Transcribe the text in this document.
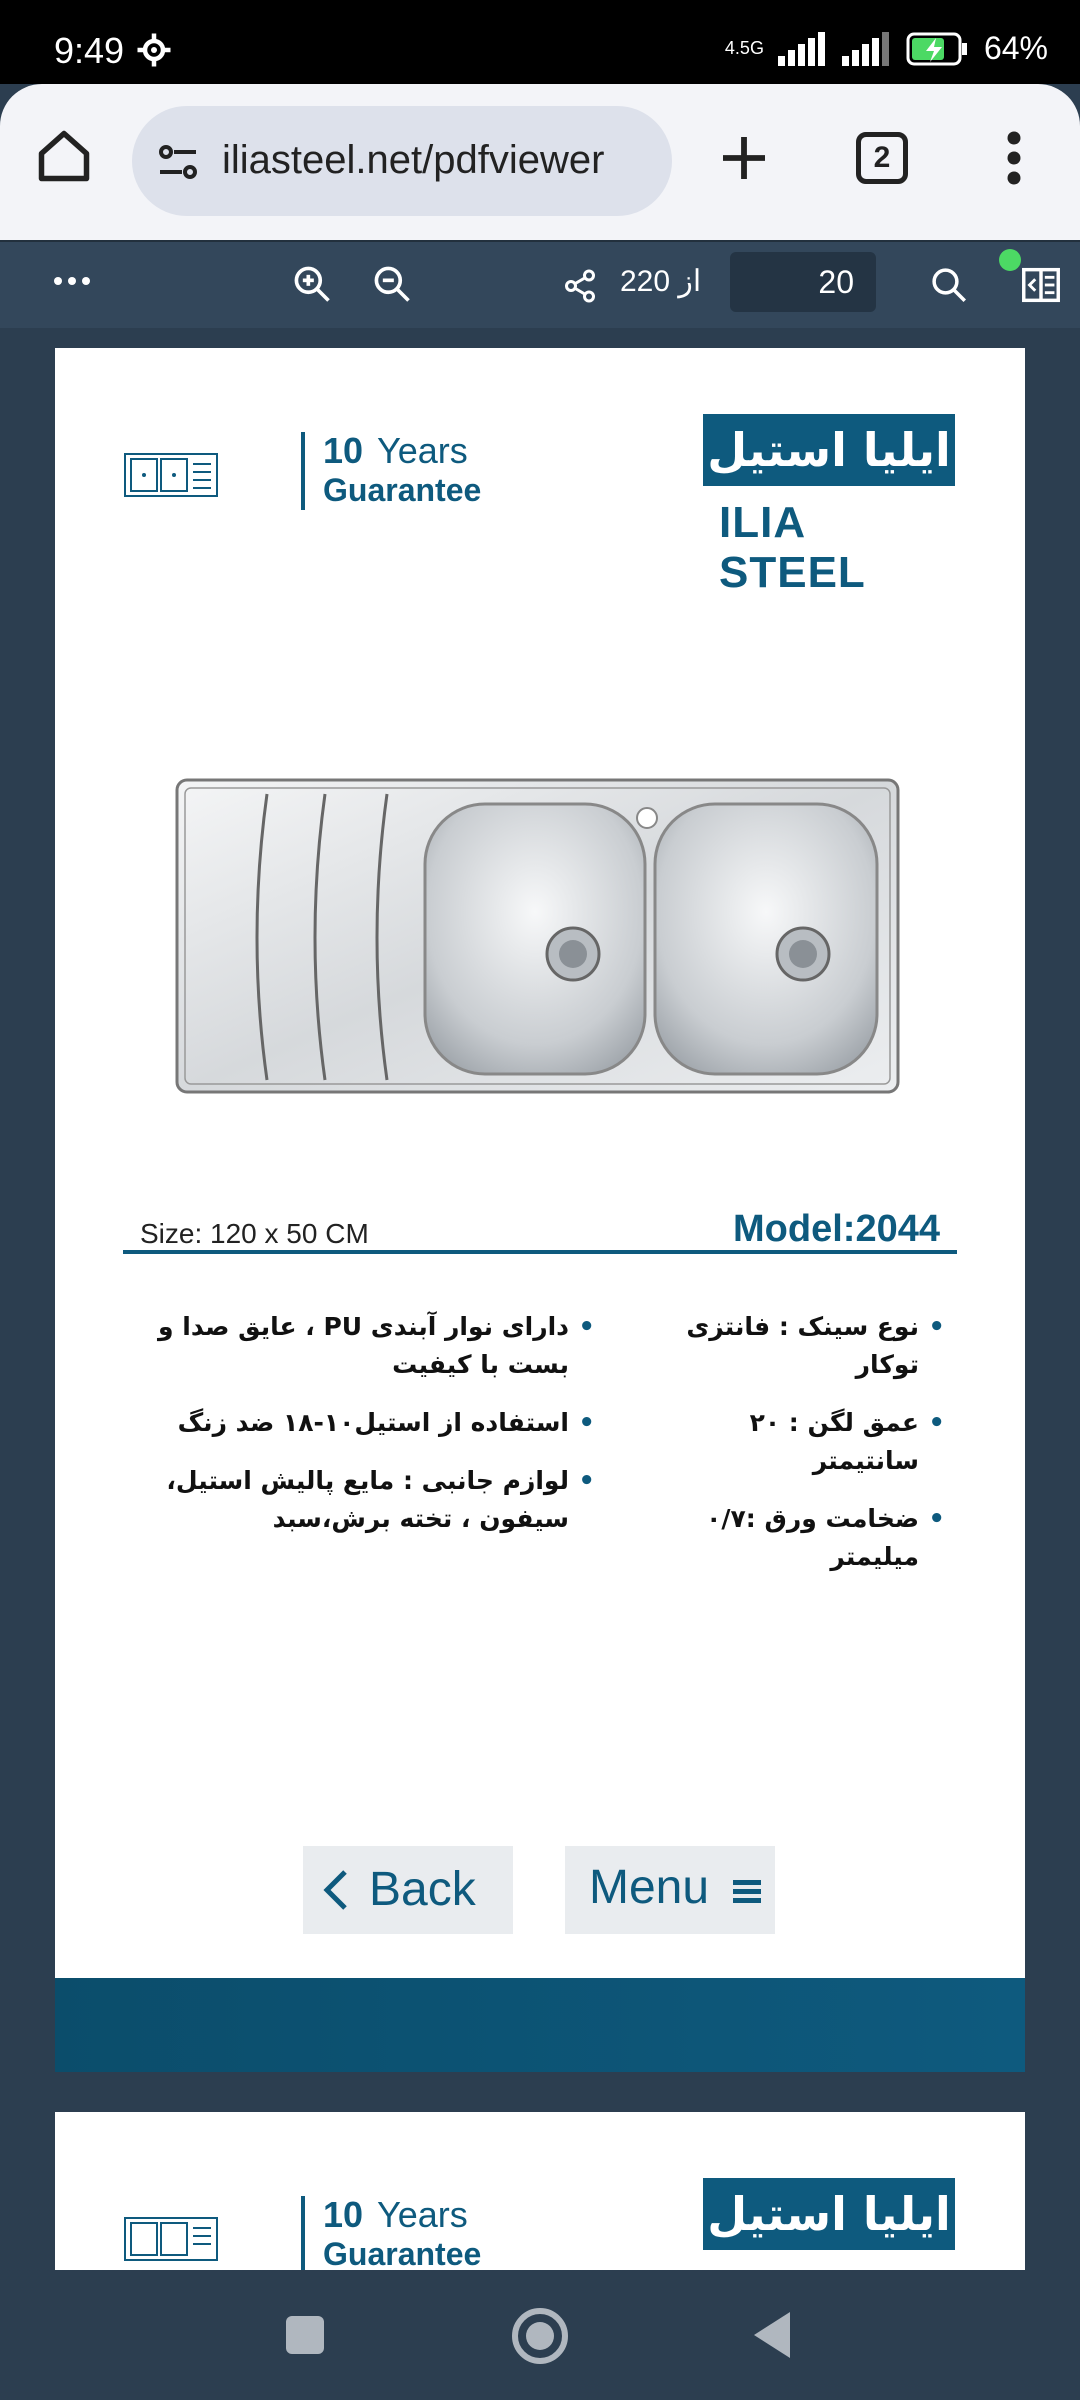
9:49	4.5G	64%
iliasteel.net/pdfviewer	2
از 220	20
10 Years
Guarantee
ایلیا استیل
ILIA STEEL
Size: 120 x 50 CM	Model:2044
• نوع سینک : فانتزی توکار
• عمق لگن : ۲۰ سانتیمتر
• ضخامت ورق :۰/۷ میلیمتر
• دارای نوار آبندی PU ، عایق صدا و بست با کیفیت
• استفاده از استیل۱۰-۱۸ ضد زنگ
• لوازم جانبی : مایع پالیش استیل، سیفون ، تخته برش،سبد
Back Menu
10 Years
Guarantee
ایلیا استیل
